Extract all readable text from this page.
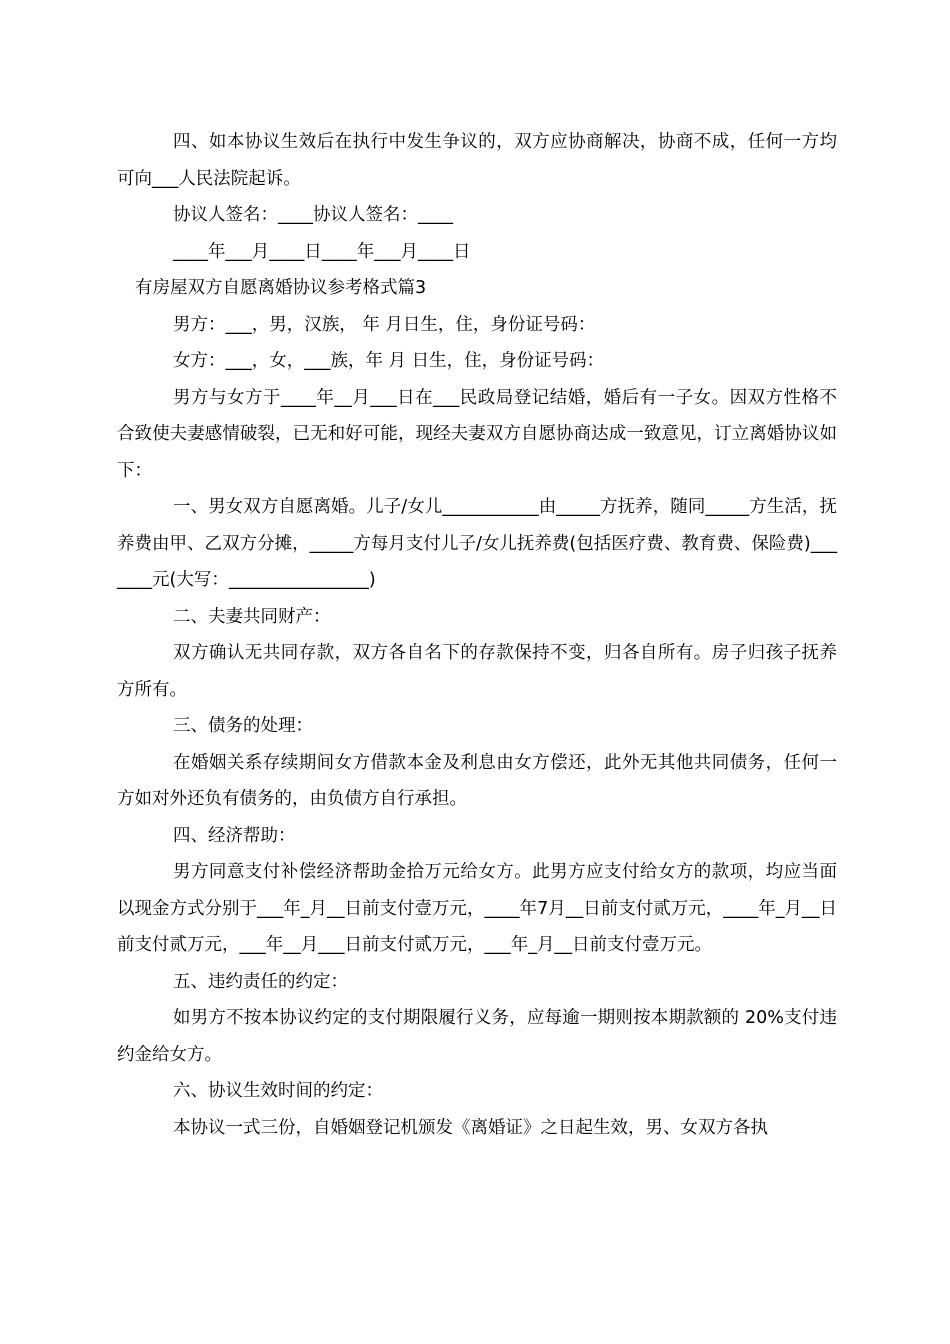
四、如本协议生效后在执行中发生争议的，双方应协商解决，协商不成，任何一方均可向___人民法院起诉。

协议人签名：____协议人签名：____

____年___月____日____年___月____日

有房屋双方自愿离婚协议参考格式篇3

男方：___，男，汉族， 年 月日生，住，身份证号码：

女方：___，女，___族，年 月 日生，住，身份证号码：

男方与女方于____年__月___日在___民政局登记结婚，婚后有一子女。因双方性格不合致使夫妻感情破裂，已无和好可能，现经夫妻双方自愿协商达成一致意见，订立离婚协议如下：

一、男女双方自愿离婚。儿子/女儿___________由_____方抚养，随同_____方生活，抚养费由甲、乙双方分摊，_____方每月支付儿子/女儿抚养费(包括医疗费、教育费、保险费)_______元(大写：________________)

二、夫妻共同财产：

双方确认无共同存款，双方各自名下的存款保持不变，归各自所有。房子归孩子抚养方所有。

三、债务的处理：

在婚姻关系存续期间女方借款本金及利息由女方偿还，此外无其他共同债务，任何一方如对外还负有债务的，由负债方自行承担。

四、经济帮助：

男方同意支付补偿经济帮助金拾万元给女方。此男方应支付给女方的款项，均应当面以现金方式分别于___年_月__日前支付壹万元，____年7月__日前支付贰万元，____年_月__日前支付贰万元，___年__月___日前支付贰万元，___年_月__日前支付壹万元。

五、违约责任的约定：

如男方不按本协议约定的支付期限履行义务，应每逾一期则按本期款额的 20%支付违约金给女方。

六、协议生效时间的约定：

本协议一式三份，自婚姻登记机颁发《离婚证》之日起生效，男、女双方各执
